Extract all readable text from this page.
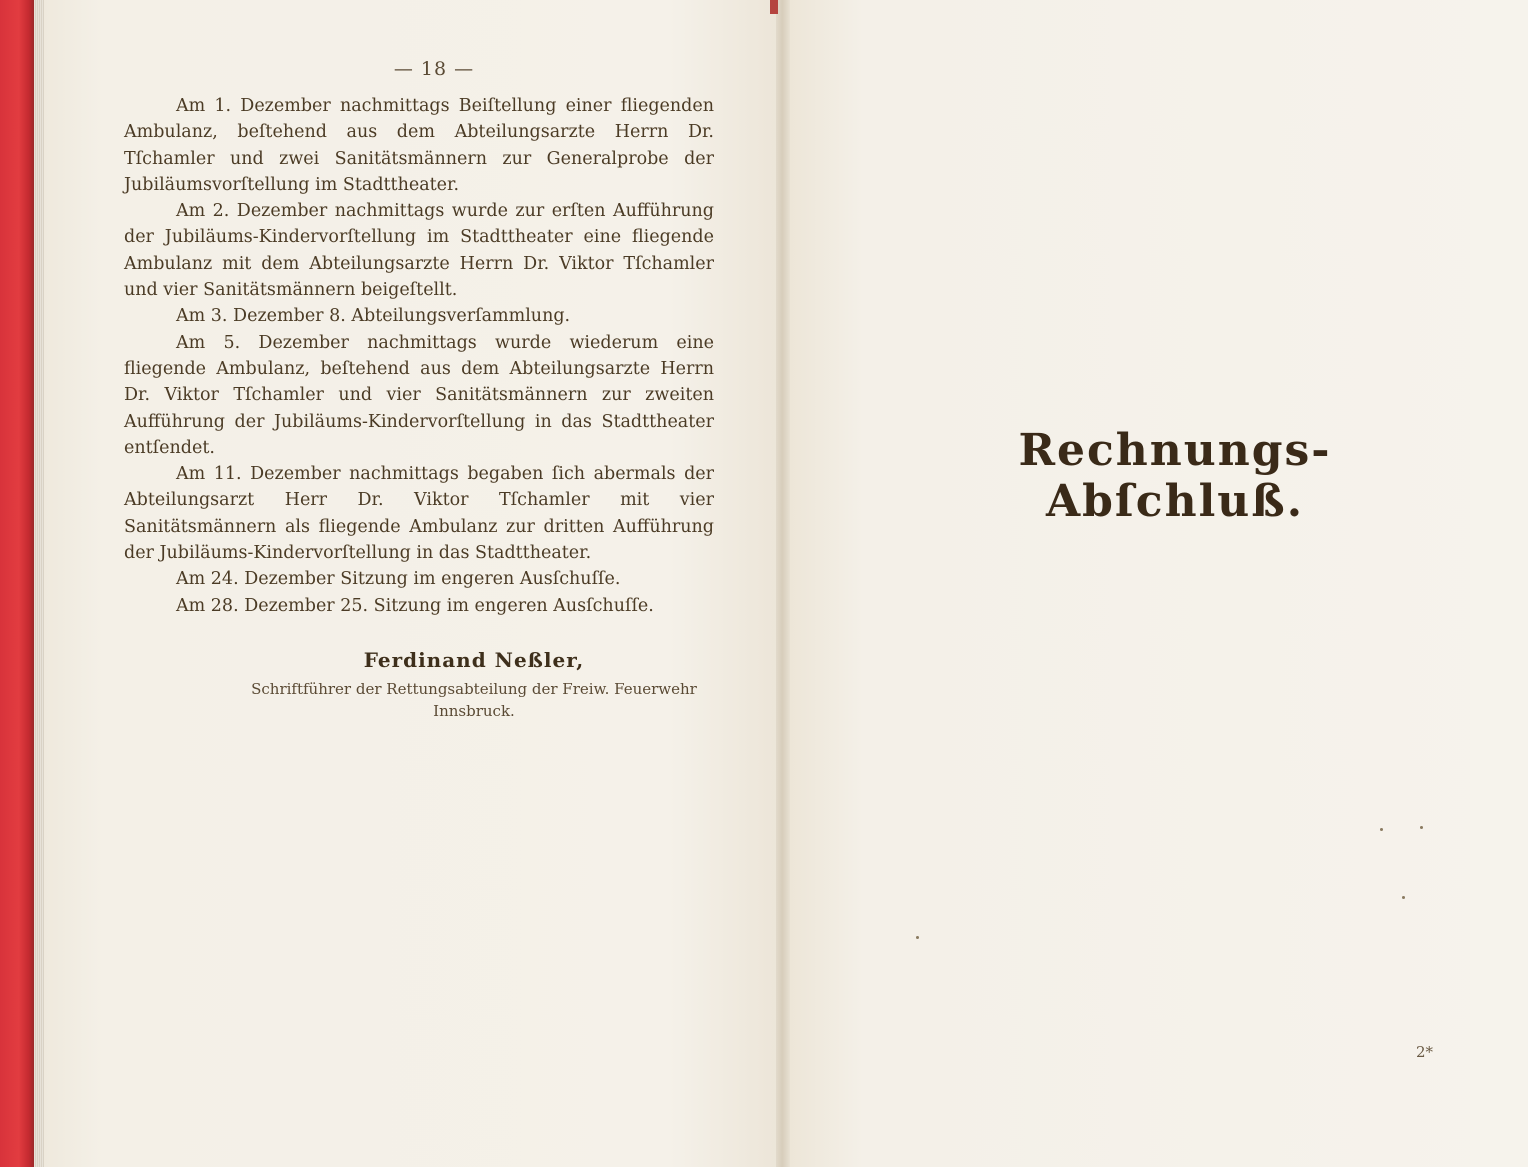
— 18 —

Am 1. Dezember nachmittags Beiſtellung einer fliegenden Ambulanz, beſtehend aus dem Abteilungsarzte Herrn Dr. Tſchamler und zwei Sanitätsmännern zur Generalprobe der Jubiläumsvorſtellung im Stadttheater.

Am 2. Dezember nachmittags wurde zur erſten Aufführung der Jubiläums-Kindervorſtellung im Stadttheater eine fliegende Ambulanz mit dem Abteilungsarzte Herrn Dr. Viktor Tſchamler und vier Sanitätsmännern beigeſtellt.

Am 3. Dezember 8. Abteilungsverſammlung.

Am 5. Dezember nachmittags wurde wiederum eine fliegende Ambulanz, beſtehend aus dem Abteilungsarzte Herrn Dr. Viktor Tſchamler und vier Sanitätsmännern zur zweiten Aufführung der Jubiläums-Kindervorſtellung in das Stadttheater entſendet.

Am 11. Dezember nachmittags begaben ſich abermals der Abteilungsarzt Herr Dr. Viktor Tſchamler mit vier Sanitätsmännern als fliegende Ambulanz zur dritten Aufführung der Jubiläums-Kindervorſtellung in das Stadttheater.

Am 24. Dezember Sitzung im engeren Ausſchuſſe.

Am 28. Dezember 25. Sitzung im engeren Ausſchuſſe.

Ferdinand Neßler,

Schriftführer der Rettungsabteilung der Freiw. Feuerwehr

Innsbruck.

Rechnungs-Abſchluß.
2*
